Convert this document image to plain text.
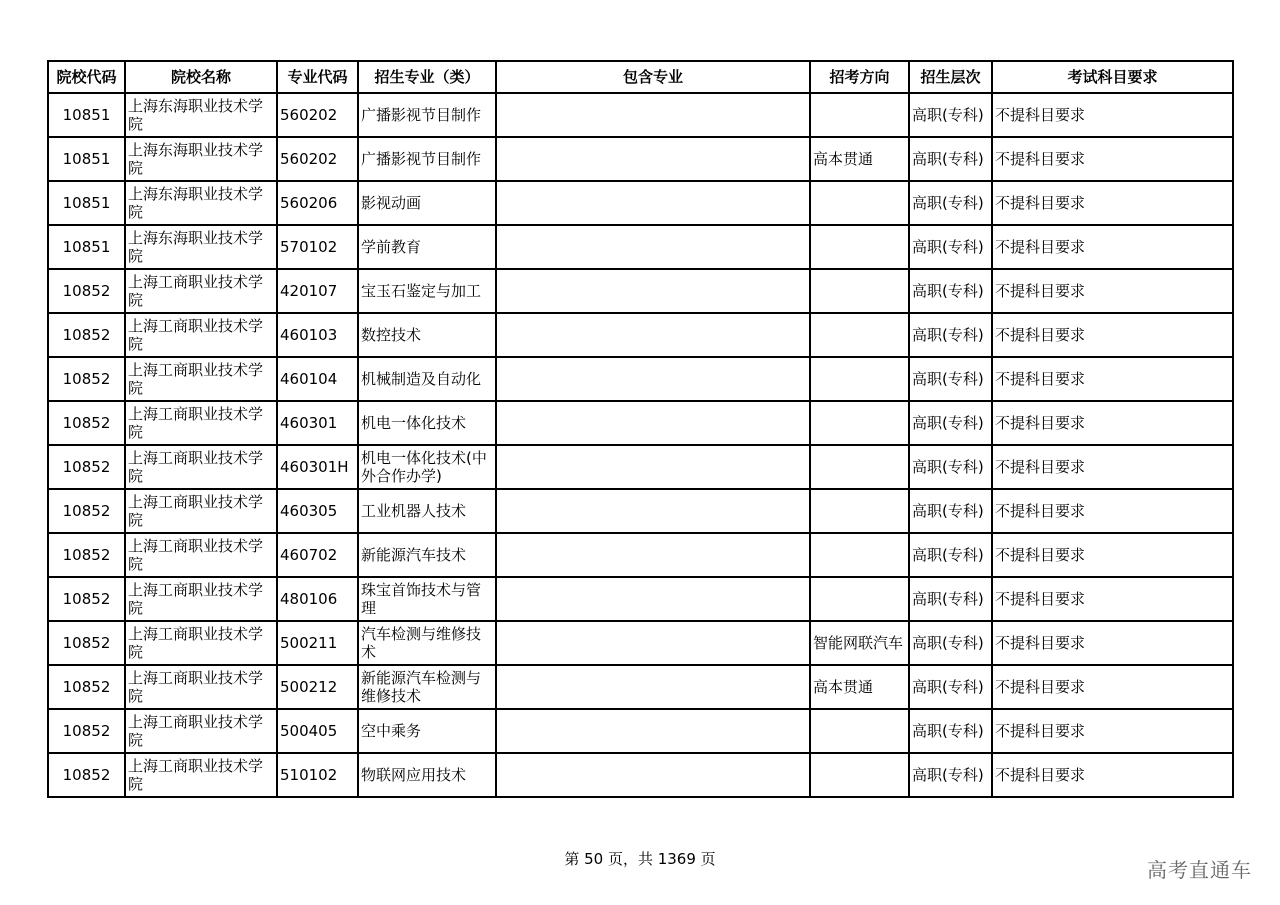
院校代码	院校名称	专业代码	招生专业（类）	包含专业	招考方向	招生层次	考试科目要求
10851	上海东海职业技术学院	560202	广播影视节目制作			高职(专科)	不提科目要求
10851	上海东海职业技术学院	560202	广播影视节目制作		高本贯通	高职(专科)	不提科目要求
10851	上海东海职业技术学院	560206	影视动画			高职(专科)	不提科目要求
10851	上海东海职业技术学院	570102	学前教育			高职(专科)	不提科目要求
10852	上海工商职业技术学院	420107	宝玉石鉴定与加工			高职(专科)	不提科目要求
10852	上海工商职业技术学院	460103	数控技术			高职(专科)	不提科目要求
10852	上海工商职业技术学院	460104	机械制造及自动化			高职(专科)	不提科目要求
10852	上海工商职业技术学院	460301	机电一体化技术			高职(专科)	不提科目要求
10852	上海工商职业技术学院	460301H	机电一体化技术(中外合作办学)			高职(专科)	不提科目要求
10852	上海工商职业技术学院	460305	工业机器人技术			高职(专科)	不提科目要求
10852	上海工商职业技术学院	460702	新能源汽车技术			高职(专科)	不提科目要求
10852	上海工商职业技术学院	480106	珠宝首饰技术与管理			高职(专科)	不提科目要求
10852	上海工商职业技术学院	500211	汽车检测与维修技术		智能网联汽车	高职(专科)	不提科目要求
10852	上海工商职业技术学院	500212	新能源汽车检测与维修技术		高本贯通	高职(专科)	不提科目要求
10852	上海工商职业技术学院	500405	空中乘务			高职(专科)	不提科目要求
10852	上海工商职业技术学院	510102	物联网应用技术			高职(专科)	不提科目要求
第 50 页，共 1369 页	高考直通车
